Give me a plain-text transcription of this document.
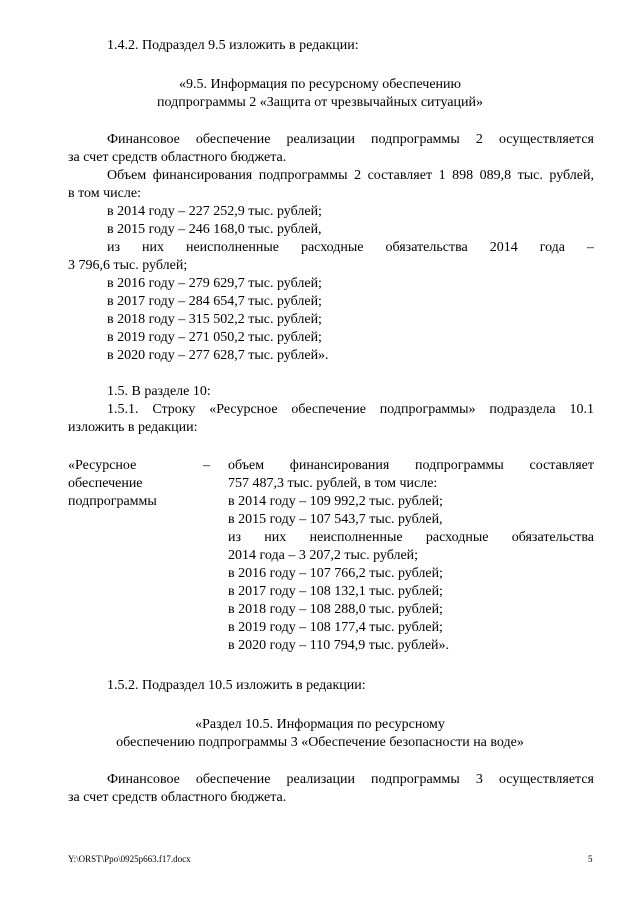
1.4.2. Подраздел 9.5 изложить в редакции:
«9.5. Информация по ресурсному обеспечению
подпрограммы 2 «Защита от чрезвычайных ситуаций»
Финансовое обеспечение реализации подпрограммы 2 осуществляется
за счет средств областного бюджета.
Объем финансирования подпрограммы 2 составляет 1 898 089,8 тыс. рублей,
в том числе:
в 2014 году – 227 252,9 тыс. рублей;
в 2015 году – 246 168,0 тыс. рублей,
из них неисполненные расходные обязательства 2014 года –
3 796,6 тыс. рублей;
в 2016 году – 279 629,7 тыс. рублей;
в 2017 году – 284 654,7 тыс. рублей;
в 2018 году – 315 502,2 тыс. рублей;
в 2019 году – 271 050,2 тыс. рублей;
в 2020 году – 277 628,7 тыс. рублей».
1.5. В разделе 10:
1.5.1. Строку «Ресурсное обеспечение подпрограммы» подраздела 10.1
изложить в редакции:
«Ресурсное
обеспечение
подпрограммы
– объем финансирования подпрограммы составляет
757 487,3 тыс. рублей, в том числе:
в 2014 году – 109 992,2 тыс. рублей;
в 2015 году – 107 543,7 тыс. рублей,
из них неисполненные расходные обязательства
2014 года – 3 207,2 тыс. рублей;
в 2016 году – 107 766,2 тыс. рублей;
в 2017 году – 108 132,1 тыс. рублей;
в 2018 году – 108 288,0 тыс. рублей;
в 2019 году – 108 177,4 тыс. рублей;
в 2020 году – 110 794,9 тыс. рублей».
1.5.2. Подраздел 10.5 изложить в редакции:
«Раздел 10.5. Информация по ресурсному
обеспечению подпрограммы 3 «Обеспечение безопасности на воде»
Финансовое обеспечение реализации подпрограммы 3 осуществляется
за счет средств областного бюджета.
Y:\ORST\Ppo\0925p663.f17.docx	5
